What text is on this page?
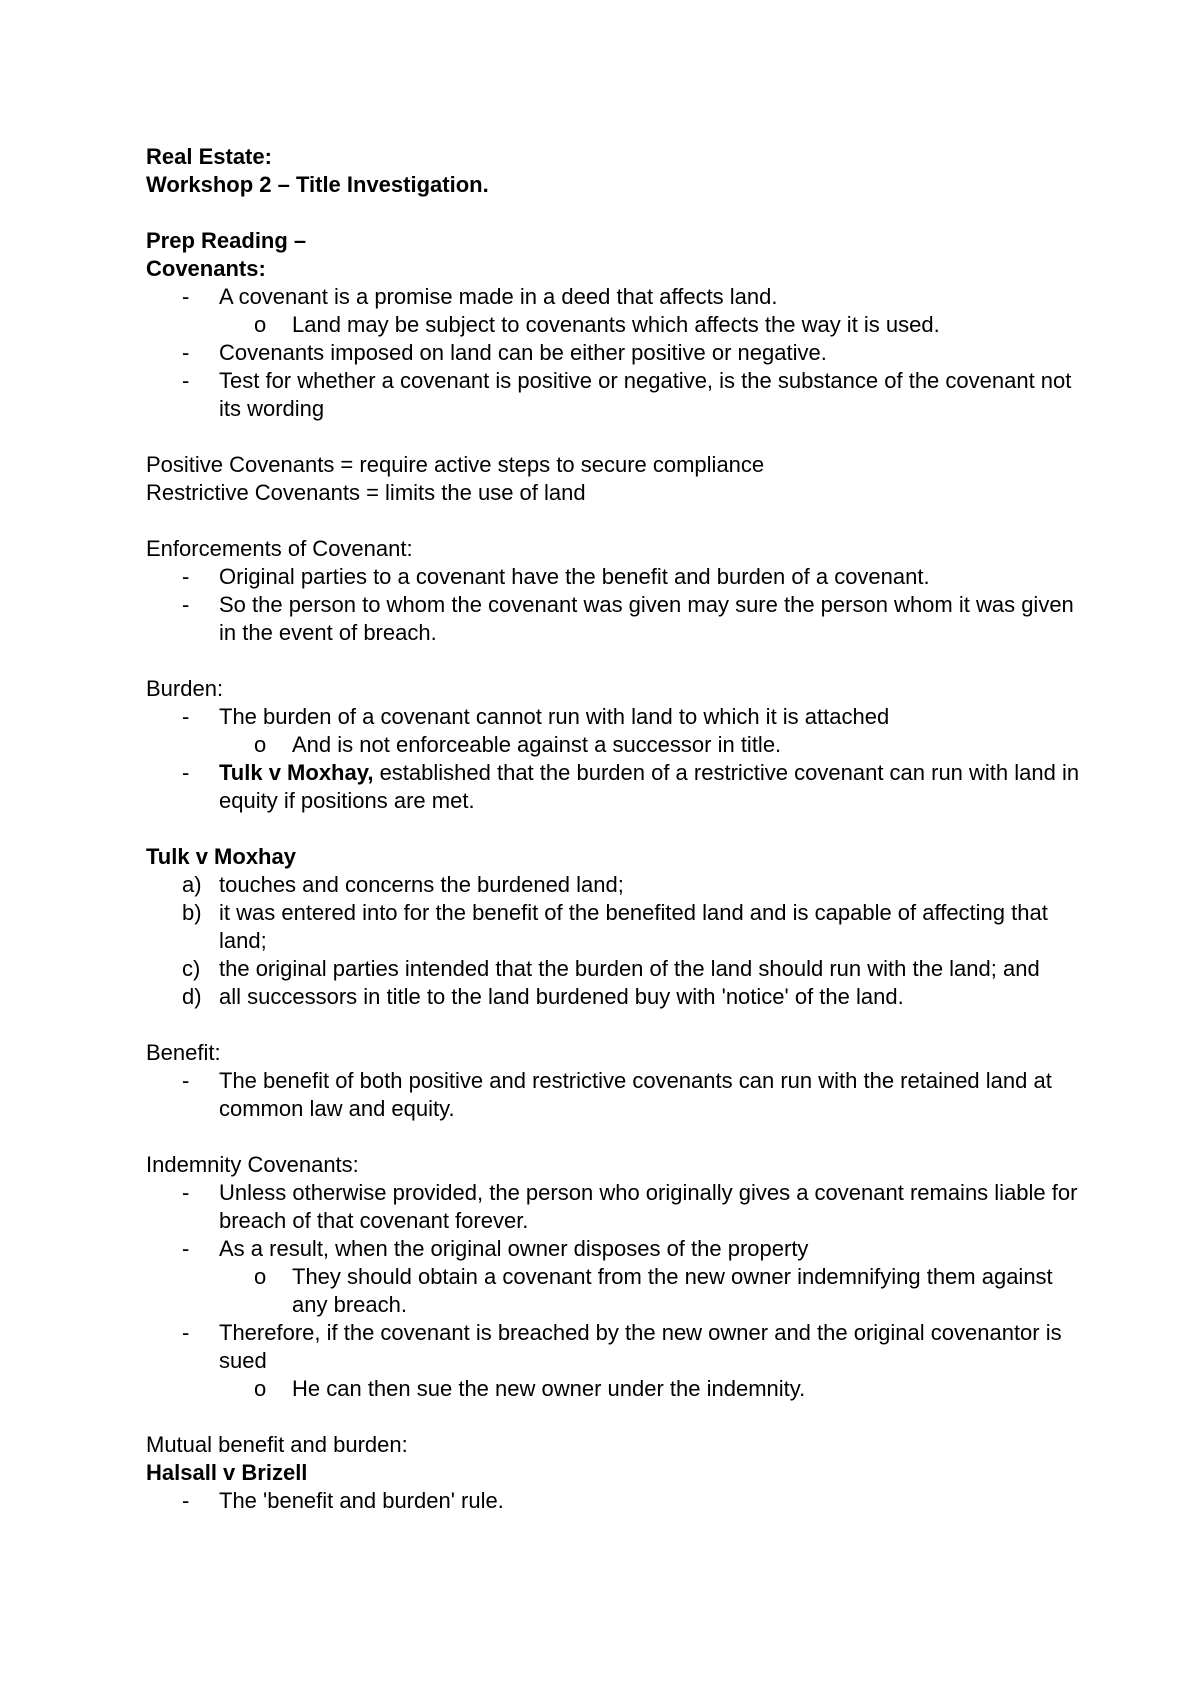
Real Estate:
Workshop 2 – Title Investigation.
Prep Reading –
Covenants:
- A covenant is a promise made in a deed that affects land.
o Land may be subject to covenants which affects the way it is used.
- Covenants imposed on land can be either positive or negative.
- Test for whether a covenant is positive or negative, is the substance of the covenant not its wording
Positive Covenants = require active steps to secure compliance
Restrictive Covenants = limits the use of land
Enforcements of Covenant:
- Original parties to a covenant have the benefit and burden of a covenant.
- So the person to whom the covenant was given may sure the person whom it was given in the event of breach.
Burden:
- The burden of a covenant cannot run with land to which it is attached
o And is not enforceable against a successor in title.
- Tulk v Moxhay, established that the burden of a restrictive covenant can run with land in equity if positions are met.
Tulk v Moxhay
a) touches and concerns the burdened land;
b) it was entered into for the benefit of the benefited land and is capable of affecting that land;
c) the original parties intended that the burden of the land should run with the land; and
d) all successors in title to the land burdened buy with 'notice' of the land.
Benefit:
- The benefit of both positive and restrictive covenants can run with the retained land at common law and equity.
Indemnity Covenants:
- Unless otherwise provided, the person who originally gives a covenant remains liable for breach of that covenant forever.
- As a result, when the original owner disposes of the property
o They should obtain a covenant from the new owner indemnifying them against any breach.
- Therefore, if the covenant is breached by the new owner and the original covenantor is sued
o He can then sue the new owner under the indemnity.
Mutual benefit and burden:
Halsall v Brizell
- The 'benefit and burden' rule.
